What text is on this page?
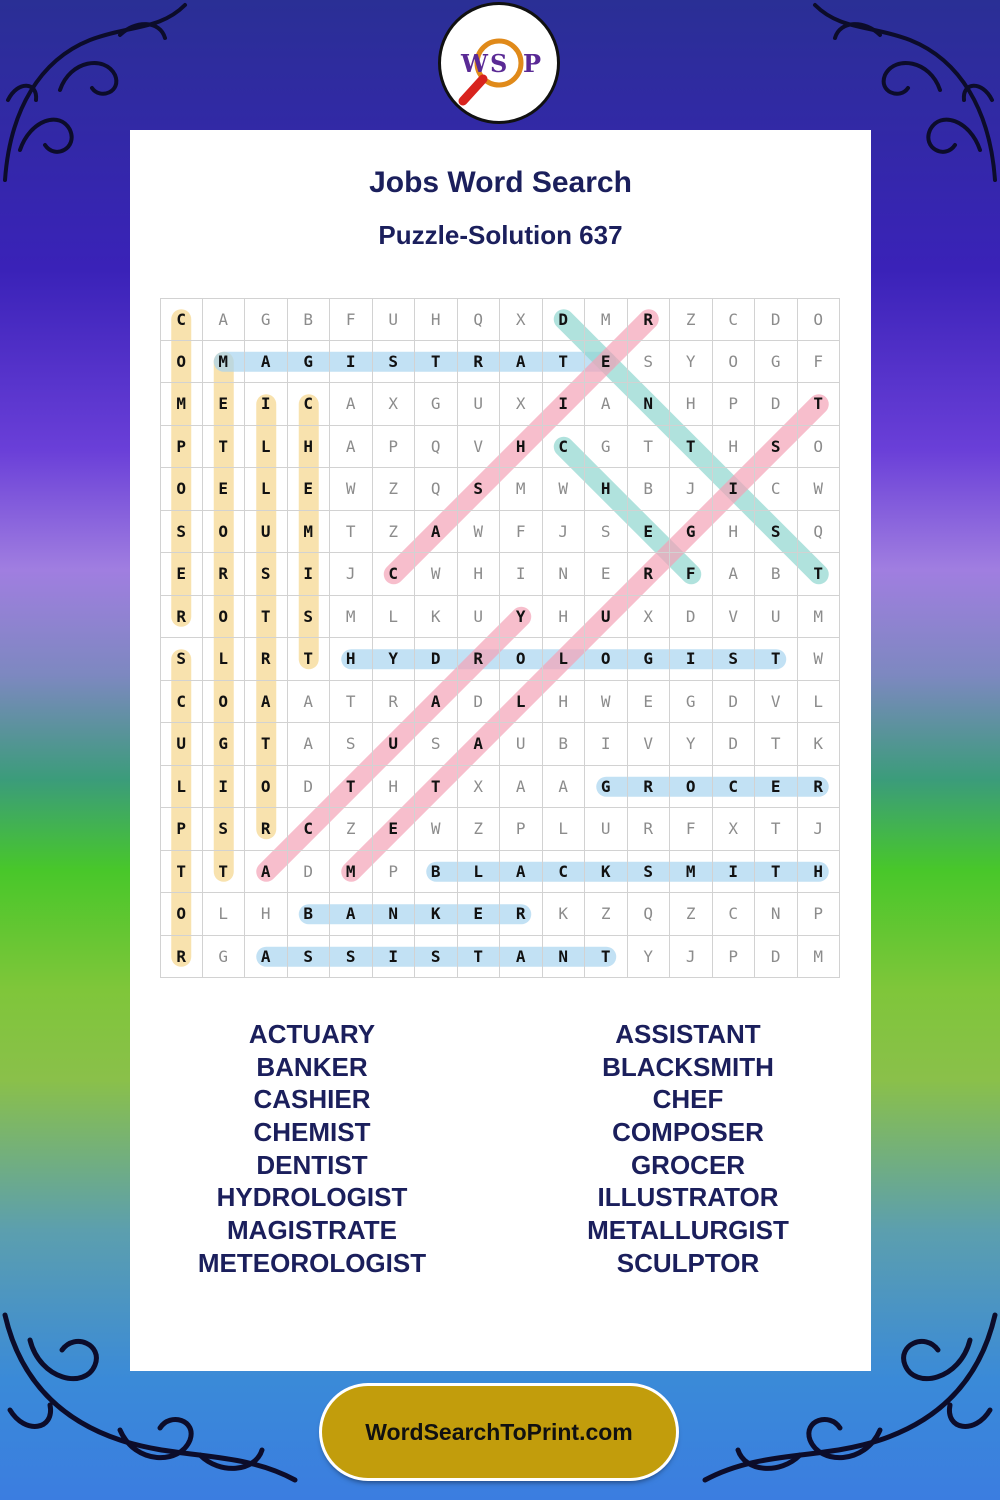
W S P
Jobs Word Search
Puzzle-Solution 637
C	A	G	B	F	U	H	Q	X	D	M	R	Z	C	D	O
O	M	A	G	I	S	T	R	A	T	E	S	Y	O	G	F
M	E	I	C	A	X	G	U	X	I	A	N	H	P	D	T
P	T	L	H	A	P	Q	V	H	C	G	T	T	H	S	O
O	E	L	E	W	Z	Q	S	M	W	H	B	J	I	C	W
S	O	U	M	T	Z	A	W	F	J	S	E	G	H	S	Q
E	R	S	I	J	C	W	H	I	N	E	R	F	A	B	T
R	O	T	S	M	L	K	U	Y	H	U	X	D	V	U	M
S	L	R	T	H	Y	D	R	O	L	O	G	I	S	T	W
C	O	A	A	T	R	A	D	L	H	W	E	G	D	V	L
U	G	T	A	S	U	S	A	U	B	I	V	Y	D	T	K
L	I	O	D	T	H	T	X	A	A	G	R	O	C	E	R
P	S	R	C	Z	E	W	Z	P	L	U	R	F	X	T	J
T	T	A	D	M	P	B	L	A	C	K	S	M	I	T	H
O	L	H	B	A	N	K	E	R	K	Z	Q	Z	C	N	P
R	G	A	S	S	I	S	T	A	N	T	Y	J	P	D	M
ACTUARY
BANKER
CASHIER
CHEMIST
DENTIST
HYDROLOGIST
MAGISTRATE
METEOROLOGIST
ASSISTANT
BLACKSMITH
CHEF
COMPOSER
GROCER
ILLUSTRATOR
METALLURGIST
SCULPTOR
WordSearchToPrint.com
